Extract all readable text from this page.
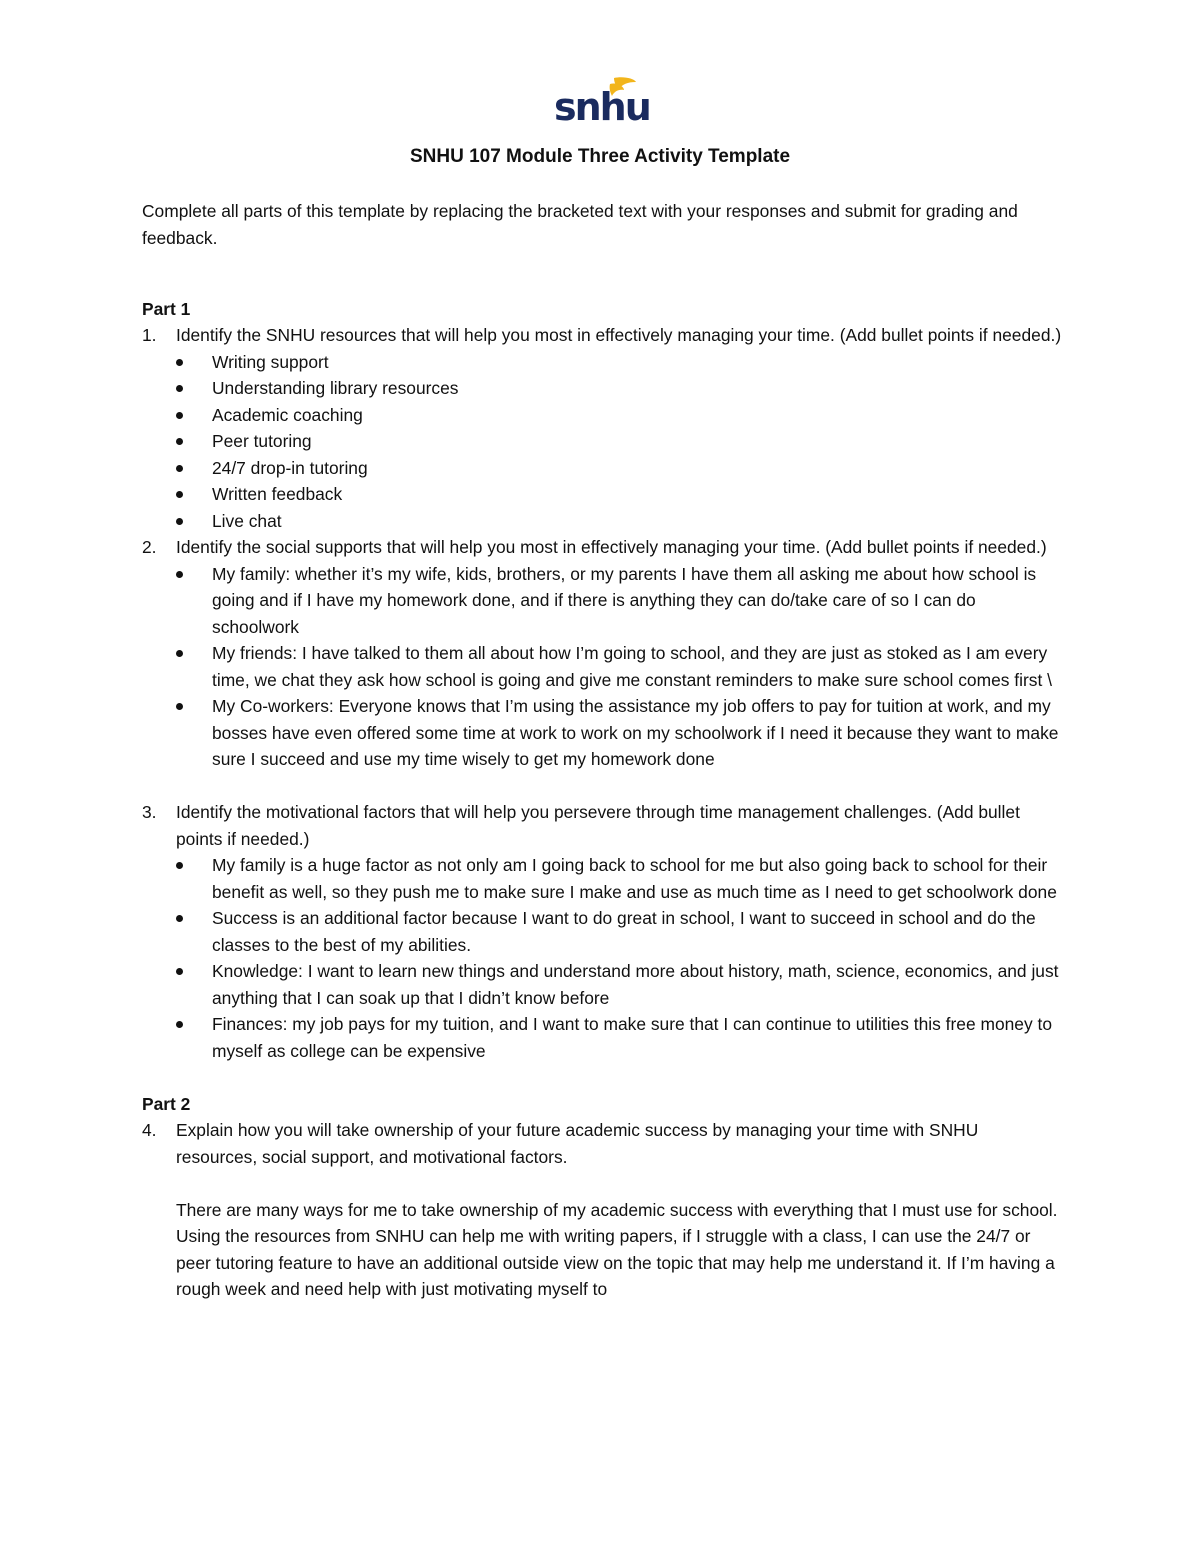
snhu
SNHU 107 Module Three Activity Template
Complete all parts of this template by replacing the bracketed text with your responses and submit for grading and feedback.
Part 1
1. Identify the SNHU resources that will help you most in effectively managing your time. (Add bullet points if needed.)
Writing support
Understanding library resources
Academic coaching
Peer tutoring
24/7 drop-in tutoring
Written feedback
Live chat
2. Identify the social supports that will help you most in effectively managing your time. (Add bullet points if needed.)
My family: whether it’s my wife, kids, brothers, or my parents I have them all asking me about how school is going and if I have my homework done, and if there is anything they can do/take care of so I can do schoolwork
My friends: I have talked to them all about how I’m going to school, and they are just as stoked as I am every time, we chat they ask how school is going and give me constant reminders to make sure school comes first \
My Co-workers: Everyone knows that I’m using the assistance my job offers to pay for tuition at work, and my bosses have even offered some time at work to work on my schoolwork if I need it because they want to make sure I succeed and use my time wisely to get my homework done
3. Identify the motivational factors that will help you persevere through time management challenges. (Add bullet points if needed.)
My family is a huge factor as not only am I going back to school for me but also going back to school for their benefit as well, so they push me to make sure I make and use as much time as I need to get schoolwork done
Success is an additional factor because I want to do great in school, I want to succeed in school and do the classes to the best of my abilities.
Knowledge: I want to learn new things and understand more about history, math, science, economics, and just anything that I can soak up that I didn’t know before
Finances: my job pays for my tuition, and I want to make sure that I can continue to utilities this free money to myself as college can be expensive
Part 2
4. Explain how you will take ownership of your future academic success by managing your time with SNHU resources, social support, and motivational factors.
There are many ways for me to take ownership of my academic success with everything that I must use for school. Using the resources from SNHU can help me with writing papers, if I struggle with a class, I can use the 24/7 or peer tutoring feature to have an additional outside view on the topic that may help me understand it. If I’m having a rough week and need help with just motivating myself to
